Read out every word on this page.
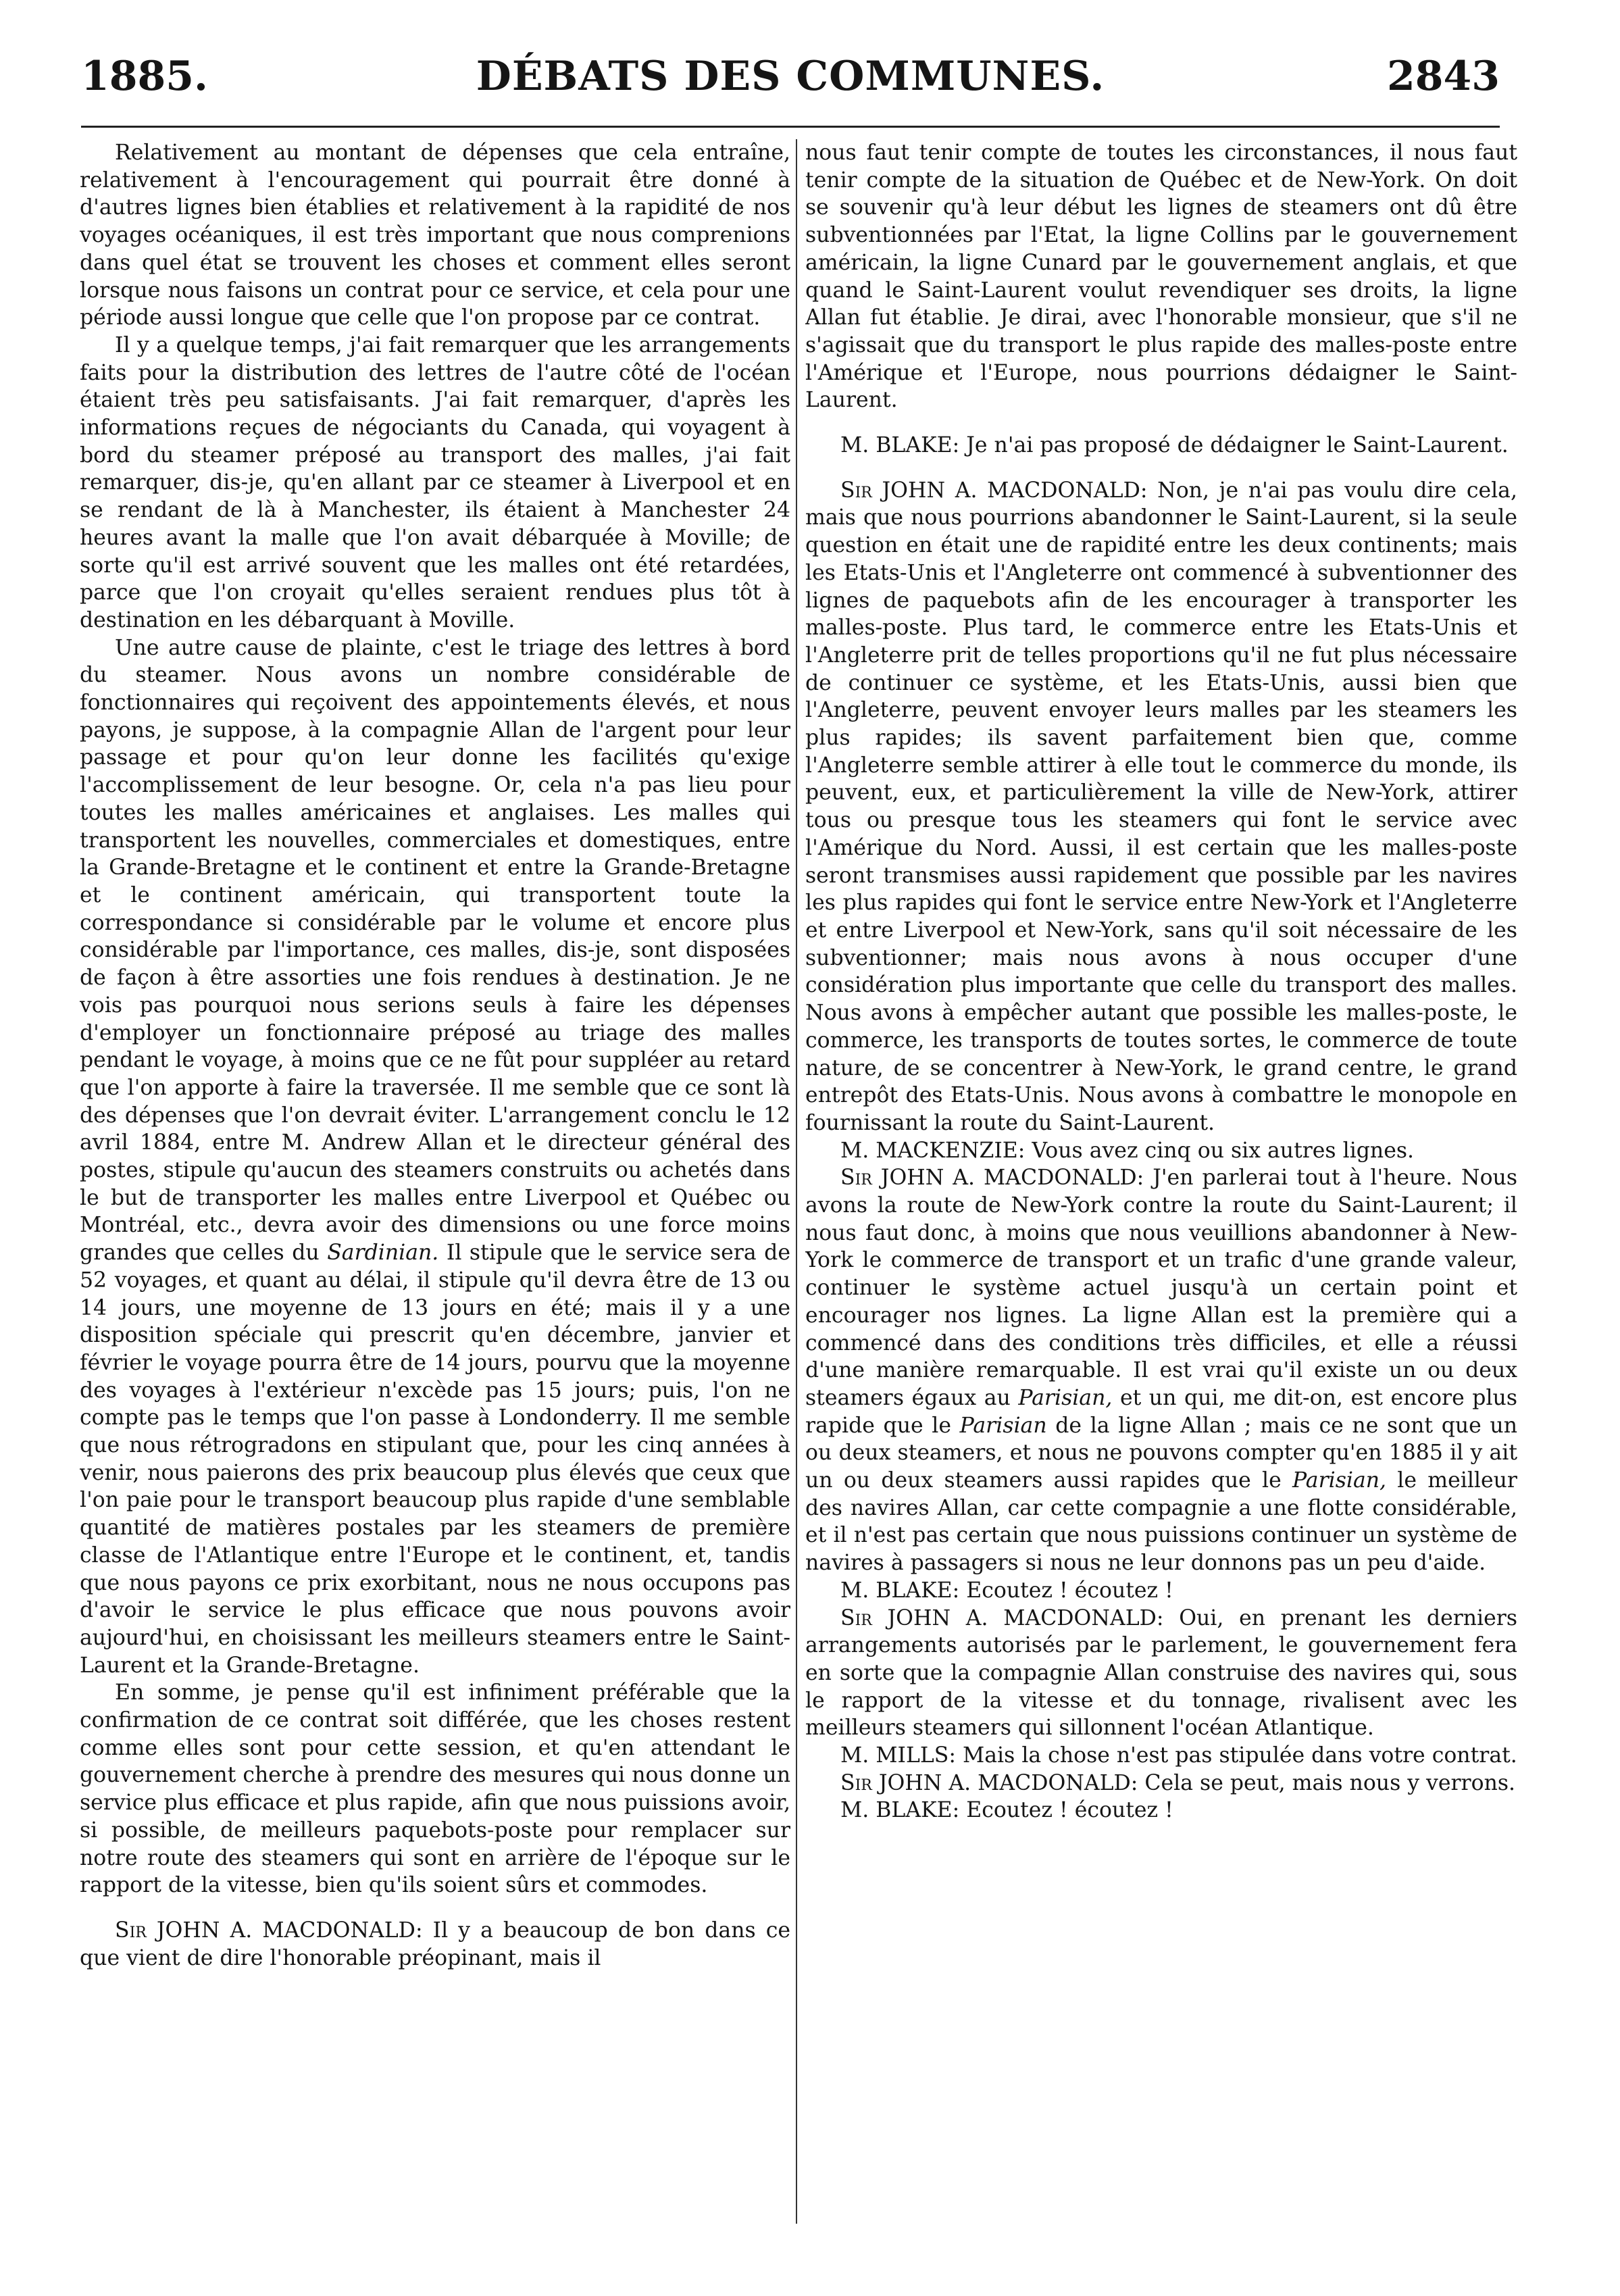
1885.	DÉBATS DES COMMUNES.	2843

Relativement au montant de dépenses que cela entraîne, relativement à l'encouragement qui pourrait être donné à d'autres lignes bien établies et relativement à la rapidité de nos voyages océaniques, il est très important que nous comprenions dans quel état se trouvent les choses et comment elles seront lorsque nous faisons un contrat pour ce service, et cela pour une période aussi longue que celle que l'on propose par ce contrat.

Il y a quelque temps, j'ai fait remarquer que les arrangements faits pour la distribution des lettres de l'autre côté de l'océan étaient très peu satisfaisants. J'ai fait remarquer, d'après les informations reçues de négociants du Canada, qui voyagent à bord du steamer préposé au transport des malles, j'ai fait remarquer, dis-je, qu'en allant par ce steamer à Liverpool et en se rendant de là à Manchester, ils étaient à Manchester 24 heures avant la malle que l'on avait débarquée à Moville; de sorte qu'il est arrivé souvent que les malles ont été retardées, parce que l'on croyait qu'elles seraient rendues plus tôt à destination en les débarquant à Moville.

Une autre cause de plainte, c'est le triage des lettres à bord du steamer. Nous avons un nombre considérable de fonctionnaires qui reçoivent des appointements élevés, et nous payons, je suppose, à la compagnie Allan de l'argent pour leur passage et pour qu'on leur donne les facilités qu'exige l'accomplissement de leur besogne. Or, cela n'a pas lieu pour toutes les malles américaines et anglaises. Les malles qui transportent les nouvelles, commerciales et domestiques, entre la Grande-Bretagne et le continent et entre la Grande-Bretagne et le continent américain, qui transportent toute la correspondance si considérable par le volume et encore plus considérable par l'importance, ces malles, dis-je, sont disposées de façon à être assorties une fois rendues à destination. Je ne vois pas pourquoi nous serions seuls à faire les dépenses d'employer un fonctionnaire préposé au triage des malles pendant le voyage, à moins que ce ne fût pour suppléer au retard que l'on apporte à faire la traversée. Il me semble que ce sont là des dépenses que l'on devrait éviter. L'arrangement conclu le 12 avril 1884, entre M. Andrew Allan et le directeur général des postes, stipule qu'aucun des steamers construits ou achetés dans le but de transporter les malles entre Liverpool et Québec ou Montréal, etc., devra avoir des dimensions ou une force moins grandes que celles du Sardinian. Il stipule que le service sera de 52 voyages, et quant au délai, il stipule qu'il devra être de 13 ou 14 jours, une moyenne de 13 jours en été; mais il y a une disposition spéciale qui prescrit qu'en décembre, janvier et février le voyage pourra être de 14 jours, pourvu que la moyenne des voyages à l'extérieur n'excède pas 15 jours; puis, l'on ne compte pas le temps que l'on passe à Londonderry. Il me semble que nous rétrogradons en stipulant que, pour les cinq années à venir, nous paierons des prix beaucoup plus élevés que ceux que l'on paie pour le transport beaucoup plus rapide d'une semblable quantité de matières postales par les steamers de première classe de l'Atlantique entre l'Europe et le continent, et, tandis que nous payons ce prix exorbitant, nous ne nous occupons pas d'avoir le service le plus efficace que nous pouvons avoir aujourd'hui, en choisissant les meilleurs steamers entre le Saint-Laurent et la Grande-Bretagne.

En somme, je pense qu'il est infiniment préférable que la confirmation de ce contrat soit différée, que les choses restent comme elles sont pour cette session, et qu'en attendant le gouvernement cherche à prendre des mesures qui nous donne un service plus efficace et plus rapide, afin que nous puissions avoir, si possible, de meilleurs paquebots-poste pour remplacer sur notre route des steamers qui sont en arrière de l'époque sur le rapport de la vitesse, bien qu'ils soient sûrs et commodes.

Sir JOHN A. MACDONALD: Il y a beaucoup de bon dans ce que vient de dire l'honorable préopinant, mais il

nous faut tenir compte de toutes les circonstances, il nous faut tenir compte de la situation de Québec et de New-York. On doit se souvenir qu'à leur début les lignes de steamers ont dû être subventionnées par l'Etat, la ligne Collins par le gouvernement américain, la ligne Cunard par le gouvernement anglais, et que quand le Saint-Laurent voulut revendiquer ses droits, la ligne Allan fut établie. Je dirai, avec l'honorable monsieur, que s'il ne s'agissait que du transport le plus rapide des malles-poste entre l'Amérique et l'Europe, nous pourrions dédaigner le Saint-Laurent.

M. BLAKE: Je n'ai pas proposé de dédaigner le Saint-Laurent.

Sir JOHN A. MACDONALD: Non, je n'ai pas voulu dire cela, mais que nous pourrions abandonner le Saint-Laurent, si la seule question en était une de rapidité entre les deux continents; mais les Etats-Unis et l'Angleterre ont commencé à subventionner des lignes de paquebots afin de les encourager à transporter les malles-poste. Plus tard, le commerce entre les Etats-Unis et l'Angleterre prit de telles proportions qu'il ne fut plus nécessaire de continuer ce système, et les Etats-Unis, aussi bien que l'Angleterre, peuvent envoyer leurs malles par les steamers les plus rapides; ils savent parfaitement bien que, comme l'Angleterre semble attirer à elle tout le commerce du monde, ils peuvent, eux, et particulièrement la ville de New-York, attirer tous ou presque tous les steamers qui font le service avec l'Amérique du Nord. Aussi, il est certain que les malles-poste seront transmises aussi rapidement que possible par les navires les plus rapides qui font le service entre New-York et l'Angleterre et entre Liverpool et New-York, sans qu'il soit nécessaire de les subventionner; mais nous avons à nous occuper d'une considération plus importante que celle du transport des malles. Nous avons à empêcher autant que possible les malles-poste, le commerce, les transports de toutes sortes, le commerce de toute nature, de se concentrer à New-York, le grand centre, le grand entrepôt des Etats-Unis. Nous avons à combattre le monopole en fournissant la route du Saint-Laurent.

M. MACKENZIE: Vous avez cinq ou six autres lignes.

Sir JOHN A. MACDONALD: J'en parlerai tout à l'heure. Nous avons la route de New-York contre la route du Saint-Laurent; il nous faut donc, à moins que nous veuillions abandonner à New-York le commerce de transport et un trafic d'une grande valeur, continuer le système actuel jusqu'à un certain point et encourager nos lignes. La ligne Allan est la première qui a commencé dans des conditions très difficiles, et elle a réussi d'une manière remarquable. Il est vrai qu'il existe un ou deux steamers égaux au Parisian, et un qui, me dit-on, est encore plus rapide que le Parisian de la ligne Allan ; mais ce ne sont que un ou deux steamers, et nous ne pouvons compter qu'en 1885 il y ait un ou deux steamers aussi rapides que le Parisian, le meilleur des navires Allan, car cette compagnie a une flotte considérable, et il n'est pas certain que nous puissions continuer un système de navires à passagers si nous ne leur donnons pas un peu d'aide.

M. BLAKE: Ecoutez ! écoutez !

Sir JOHN A. MACDONALD: Oui, en prenant les derniers arrangements autorisés par le parlement, le gouvernement fera en sorte que la compagnie Allan construise des navires qui, sous le rapport de la vitesse et du tonnage, rivalisent avec les meilleurs steamers qui sillonnent l'océan Atlantique.

M. MILLS: Mais la chose n'est pas stipulée dans votre contrat.

Sir JOHN A. MACDONALD: Cela se peut, mais nous y verrons.

M. BLAKE: Ecoutez ! écoutez !
